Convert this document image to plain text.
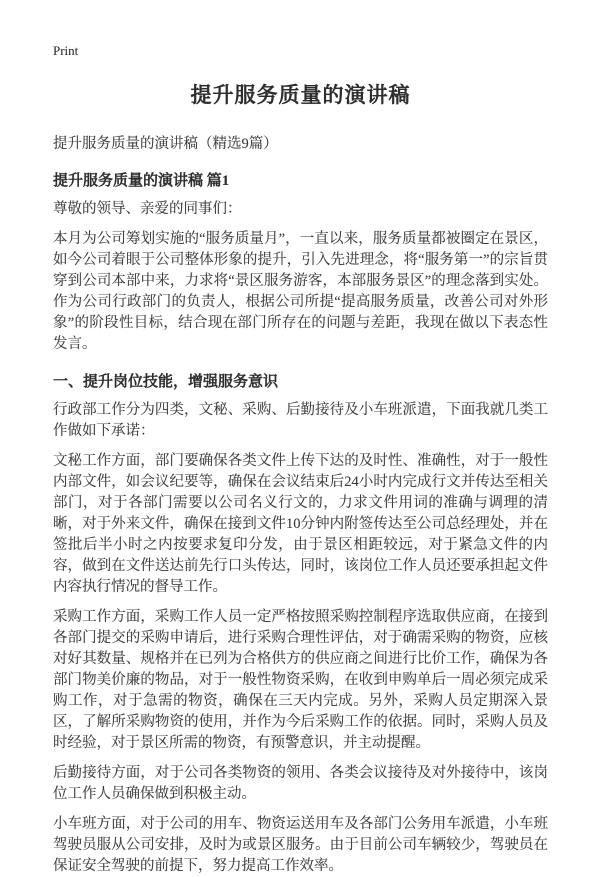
Print
提升服务质量的演讲稿

提升服务质量的演讲稿（精选9篇）

提升服务质量的演讲稿 篇1

尊敬的领导、亲爱的同事们：

本月为公司筹划实施的“服务质量月”，一直以来，服务质量都被圈定在景区，如今公司着眼于公司整体形象的提升，引入先进理念，将“服务第一”的宗旨贯穿到公司本部中来，力求将“景区服务游客，本部服务景区”的理念落到实处。作为公司行政部门的负责人，根据公司所提“提高服务质量，改善公司对外形象”的阶段性目标，结合现在部门所存在的问题与差距，我现在做以下表态性发言。

一、提升岗位技能，增强服务意识

行政部工作分为四类，文秘、采购、后勤接待及小车班派遣，下面我就几类工作做如下承诺：

文秘工作方面，部门要确保各类文件上传下达的及时性、准确性，对于一般性内部文件，如会议纪要等，确保在会议结束后24小时内完成行文并传达至相关部门，对于各部门需要以公司名义行文的，力求文件用词的准确与调理的清晰，对于外来文件，确保在接到文件10分钟内附签传达至公司总经理处，并在签批后半小时之内按要求复印分发，由于景区相距较远，对于紧急文件的内容，做到在文件送达前先行口头传达，同时，该岗位工作人员还要承担起文件内容执行情况的督导工作。

采购工作方面，采购工作人员一定严格按照采购控制程序选取供应商，在接到各部门提交的采购申请后，进行采购合理性评估，对于确需采购的物资，应核对好其数量、规格并在已列为合格供方的供应商之间进行比价工作，确保为各部门物美价廉的物品，对于一般性物资采购，在收到申购单后一周必须完成采购工作，对于急需的物资，确保在三天内完成。另外，采购人员定期深入景区，了解所采购物资的使用，并作为今后采购工作的依据。同时，采购人员及时经验，对于景区所需的物资，有预警意识，并主动提醒。

后勤接待方面，对于公司各类物资的领用、各类会议接待及对外接待中，该岗位工作人员确保做到积极主动。

小车班方面，对于公司的用车、物资运送用车及各部门公务用车派遣，小车班驾驶员服从公司安排，及时为或景区服务。由于目前公司车辆较少，驾驶员在保证安全驾驶的前提下，努力提高工作效率。
